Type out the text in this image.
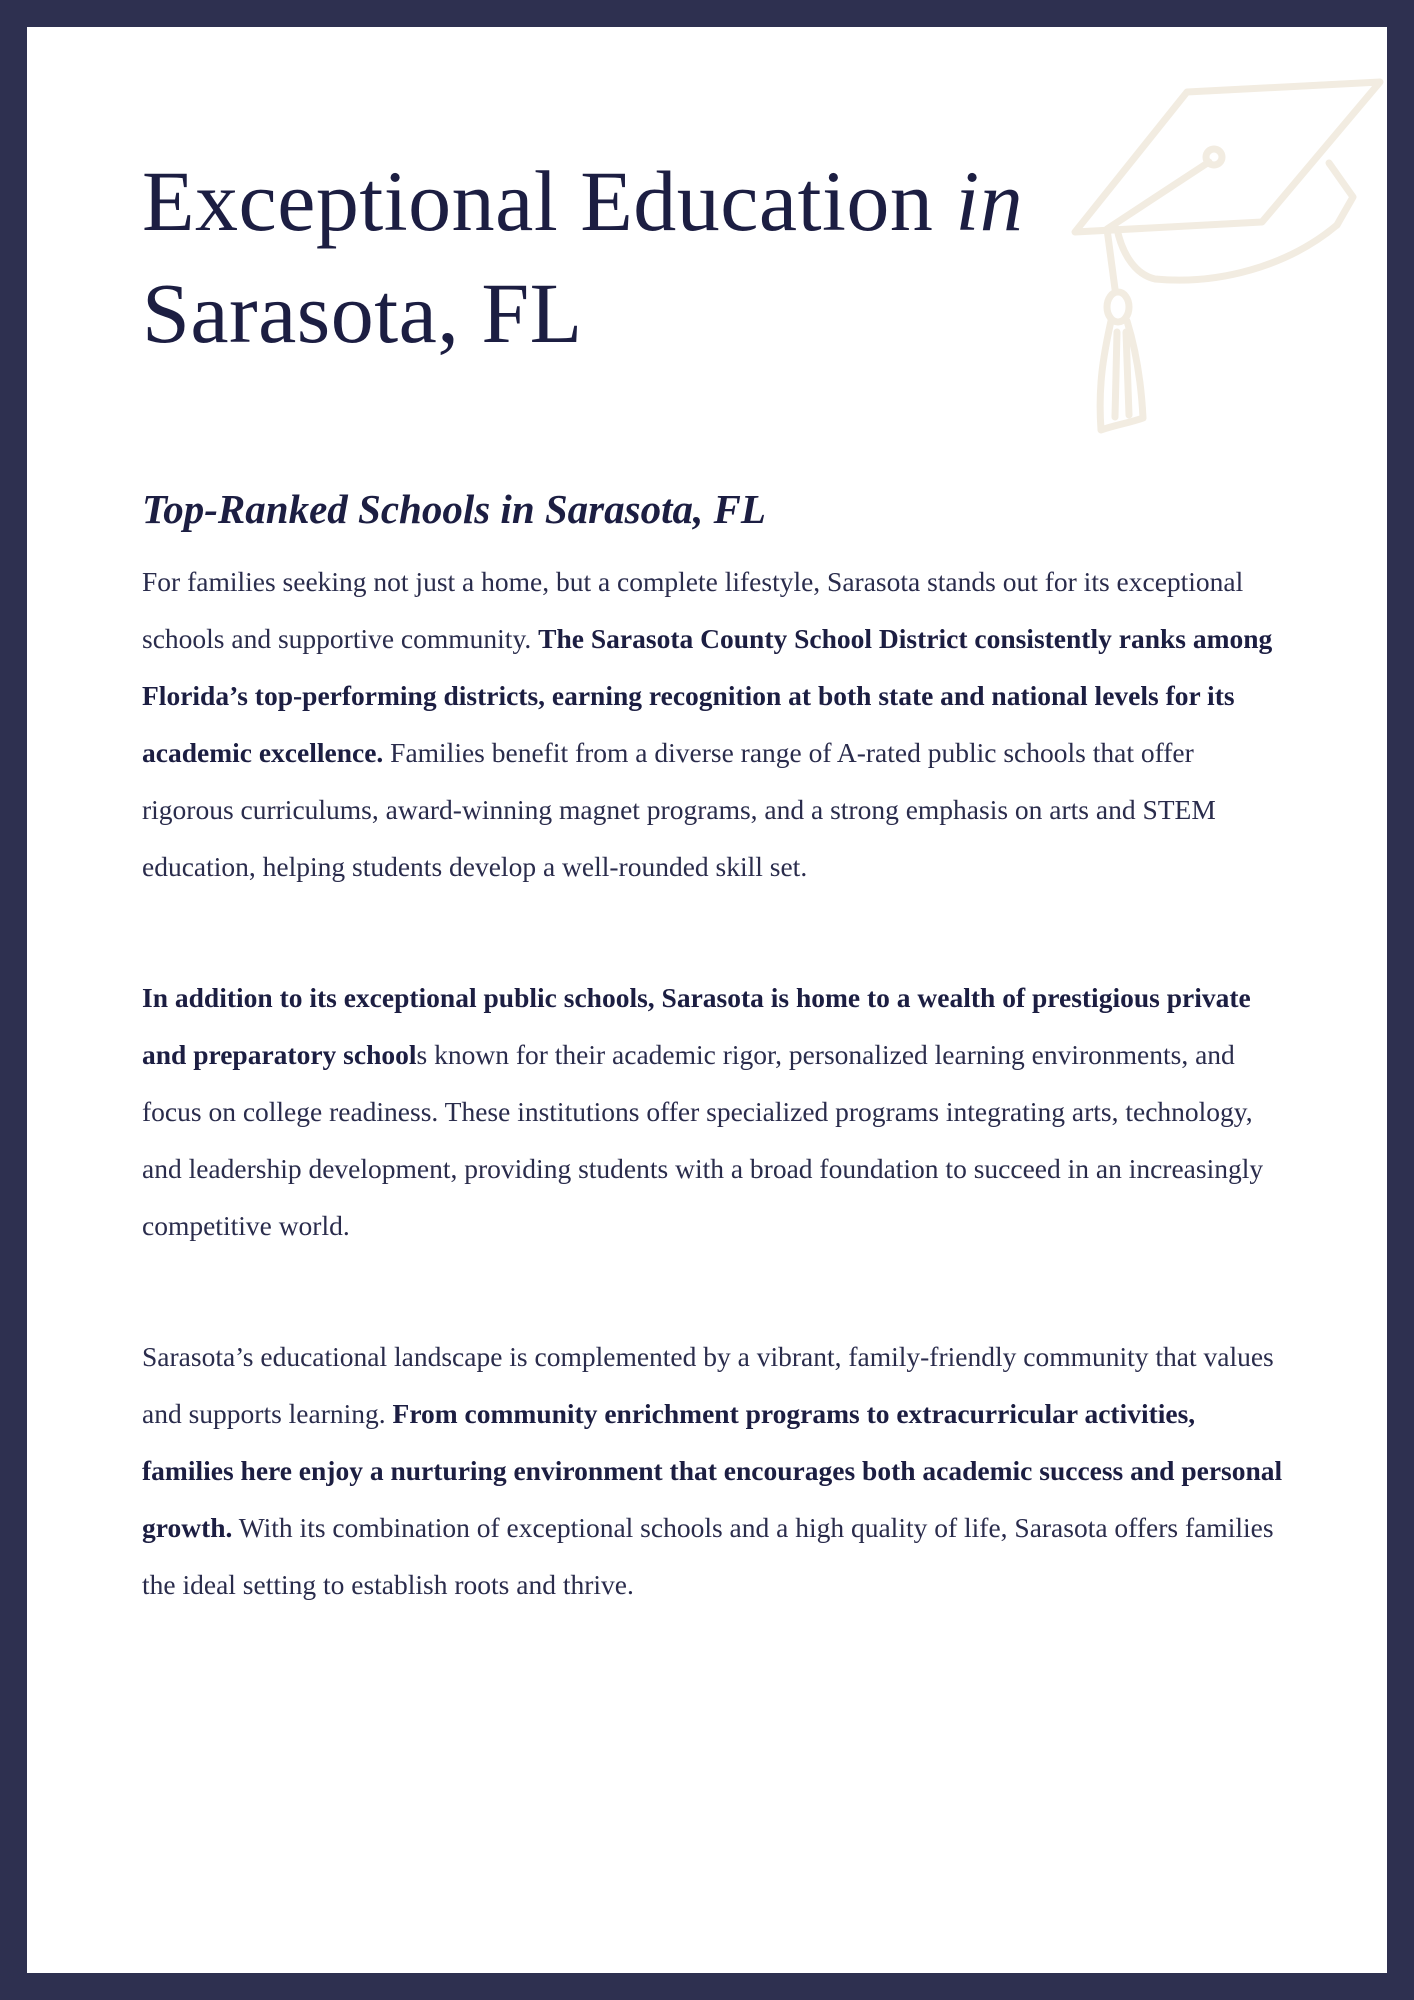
Exceptional Education in
Sarasota, FL
Top-Ranked Schools in Sarasota, FL

For families seeking not just a home, but a complete lifestyle, Sarasota stands out for its exceptional schools and supportive community. The Sarasota County School District consistently ranks among Florida’s top-performing districts, earning recognition at both state and national levels for its academic excellence. Families benefit from a diverse range of A-rated public schools that offer rigorous curriculums, award-winning magnet programs, and a strong emphasis on arts and STEM education, helping students develop a well-rounded skill set.

In addition to its exceptional public schools, Sarasota is home to a wealth of prestigious private and preparatory schools known for their academic rigor, personalized learning environments, and focus on college readiness. These institutions offer specialized programs integrating arts, technology, and leadership development, providing students with a broad foundation to succeed in an increasingly competitive world.

Sarasota’s educational landscape is complemented by a vibrant, family-friendly community that values and supports learning. From community enrichment programs to extracurricular activities, families here enjoy a nurturing environment that encourages both academic success and personal growth. With its combination of exceptional schools and a high quality of life, Sarasota offers families the ideal setting to establish roots and thrive.
